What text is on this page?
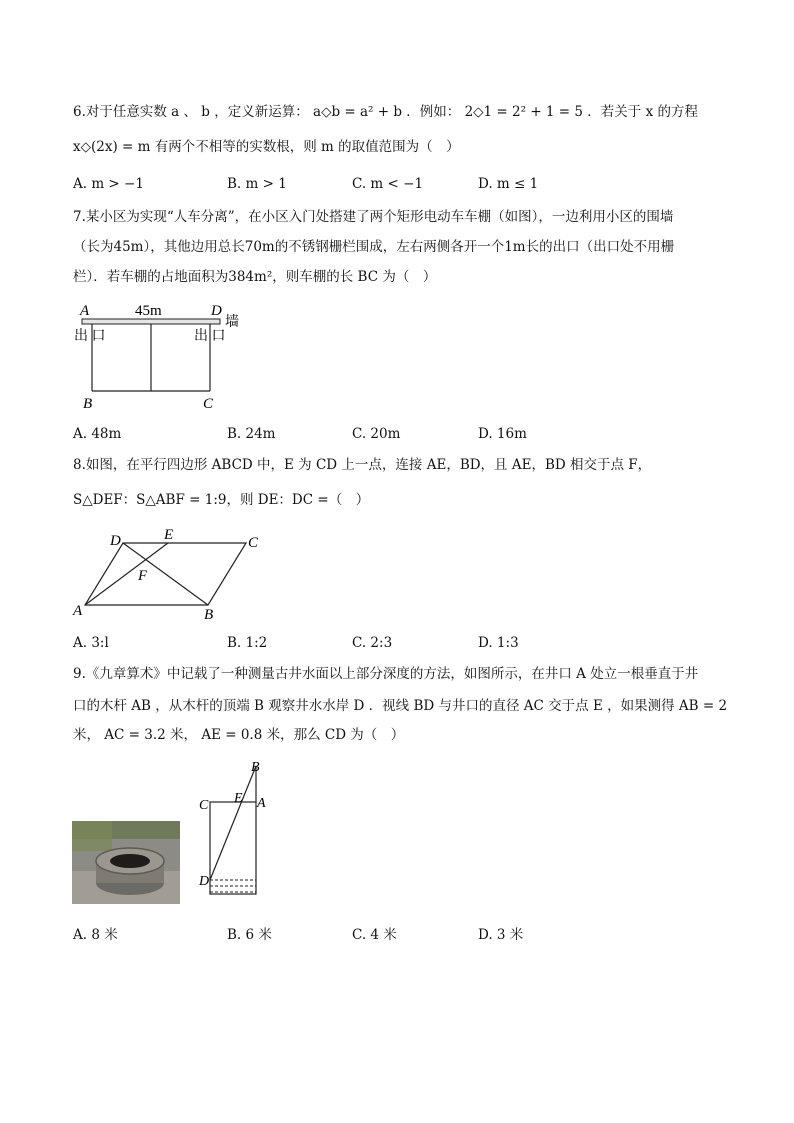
6.对于任意实数 a 、 b ，定义新运算： a◇b = a² + b ．例如： 2◇1 = 2² + 1 = 5 ．若关于 x 的方程
x◇(2x) = m 有两个不相等的实数根，则 m 的取值范围为（　）
A. m > −1	B. m > 1	C. m < −1	D. m ≤ 1
7.某小区为实现“人车分离”，在小区入门处搭建了两个矩形电动车车棚（如图），一边利用小区的围墙
（长为45m），其他边用总长70m的不锈钢栅栏围成，左右两侧各开一个1m长的出口（出口处不用栅
栏）．若车棚的占地面积为384m²，则车棚的长 BC 为（　）
A	45m	D
墙
出 口	出 口
B	C
A. 48m	B. 24m	C. 20m	D. 16m
8.如图，在平行四边形 ABCD 中，E 为 CD 上一点，连接 AE，BD，且 AE，BD 相交于点 F，
S△DEF：S△ABF = 1:9，则 DE：DC =（　）
D	E	C
F
A	B
A. 3:l	B. 1:2	C. 2:3	D. 1:3
9.《九章算术》中记载了一种测量古井水面以上部分深度的方法，如图所示，在井口 A 处立一根垂直于井
口的木杆 AB ，从木杆的顶端 B 观察井水水岸 D ．视线 BD 与井口的直径 AC 交于点 E ，如果测得 AB = 2
米， AC = 3.2 米， AE = 0.8 米，那么 CD 为（　）
B
C E A
D
A. 8 米	B. 6 米	C. 4 米	D. 3 米
